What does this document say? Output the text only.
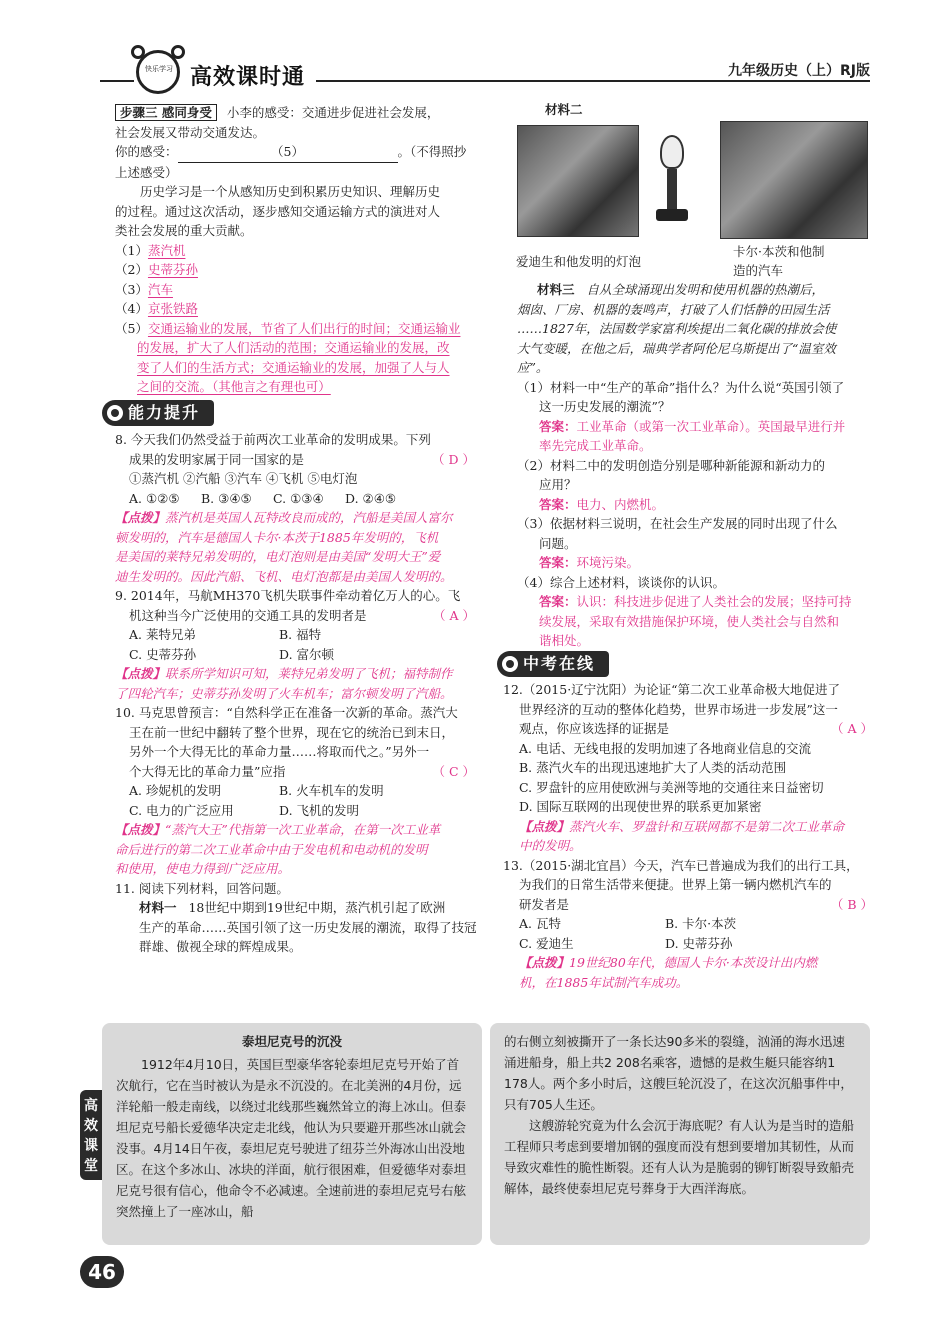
快乐学习 高效课时通	九年级历史（上）RJ版
步骤三 感同身受 小李的感受：交通进步促进社会发展，
社会发展又带动交通发达。
你的感受：	（5）	。（不得照抄
上述感受）
历史学习是一个从感知历史到积累历史知识、理解历史
的过程。通过这次活动，逐步感知交通运输方式的演进对人
类社会发展的重大贡献。
（1）蒸汽机
（2）史蒂芬孙
（3）汽车
（4）京张铁路
（5）交通运输业的发展，节省了人们出行的时间；交通运输业
的发展，扩大了人们活动的范围；交通运输业的发展，改
变了人们的生活方式；交通运输业的发展，加强了人与人
之间的交流。（其他言之有理也可）
能力提升
8. 今天我们仍然受益于前两次工业革命的发明成果。下列
成果的发明家属于同一国家的是	（ D ）
①蒸汽机 ②汽船 ③汽车 ④飞机 ⑤电灯泡
A. ①②⑤ B. ③④⑤ C. ①③④ D. ②④⑤
【点拨】蒸汽机是英国人瓦特改良而成的，汽船是美国人富尔
顿发明的，汽车是德国人卡尔·本茨于1885年发明的，飞机
是美国的莱特兄弟发明的，电灯泡则是由美国“发明大王”爱
迪生发明的。因此汽船、飞机、电灯泡都是由美国人发明的。
9. 2014年，马航MH370飞机失联事件牵动着亿万人的心。飞
机这种当今广泛使用的交通工具的发明者是	（ A ）
A. 莱特兄弟	B. 福特
C. 史蒂芬孙	D. 富尔顿
【点拨】联系所学知识可知，莱特兄弟发明了飞机；福特制作
了四轮汽车；史蒂芬孙发明了火车机车；富尔顿发明了汽船。
10. 马克思曾预言：“自然科学正在准备一次新的革命。蒸汽大
王在前一世纪中翻转了整个世界，现在它的统治已到末日，
另外一个大得无比的革命力量……将取而代之。”另外一
个大得无比的革命力量”应指	（ C ）
A. 珍妮机的发明	B. 火车机车的发明
C. 电力的广泛应用	D. 飞机的发明
【点拨】“蒸汽大王”代指第一次工业革命，在第一次工业革
命后进行的第二次工业革命中由于发电机和电动机的发明
和使用，使电力得到广泛应用。
11. 阅读下列材料，回答问题。
材料一 18世纪中期到19世纪中期，蒸汽机引起了欧洲
生产的革命……英国引领了这一历史发展的潮流，取得了技冠
群雄、傲视全球的辉煌成果。
材料二
爱迪生和他发明的灯泡
卡尔·本茨和他制
造的汽车
材料三 自从全球涌现出发明和使用机器的热潮后，
烟囱、厂房、机器的轰鸣声，打破了人们恬静的田园生活
……1827年，法国数学家富利埃提出二氧化碳的排放会使
大气变暖，在他之后，瑞典学者阿伦尼乌斯提出了“温室效
应”。
（1）材料一中“生产的革命”指什么？为什么说“英国引领了
这一历史发展的潮流”？
答案：工业革命（或第一次工业革命）。英国最早进行并
率先完成工业革命。
（2）材料二中的发明创造分别是哪种新能源和新动力的
应用？
答案：电力、内燃机。
（3）依据材料三说明，在社会生产发展的同时出现了什么
问题。
答案：环境污染。
（4）综合上述材料，谈谈你的认识。
答案：认识：科技进步促进了人类社会的发展；坚持可持
续发展，采取有效措施保护环境，使人类社会与自然和
谐相处。
中考在线
12.（2015·辽宁沈阳）为论证“第二次工业革命极大地促进了
世界经济的互动的整体化趋势，世界市场进一步发展”这一
观点，你应该选择的证据是	（ A ）
A. 电话、无线电报的发明加速了各地商业信息的交流
B. 蒸汽火车的出现迅速地扩大了人类的活动范围
C. 罗盘针的应用使欧洲与美洲等地的交通往来日益密切
D. 国际互联网的出现使世界的联系更加紧密
【点拨】蒸汽火车、罗盘针和互联网都不是第二次工业革命
中的发明。
13.（2015·湖北宜昌）今天，汽车已普遍成为我们的出行工具，
为我们的日常生活带来便捷。世界上第一辆内燃机汽车的
研发者是	（ B ）
A. 瓦特	B. 卡尔·本茨
C. 爱迪生	D. 史蒂芬孙
【点拨】19世纪80年代，德国人卡尔·本茨设计出内燃
机，在1885年试制汽车成功。
高效课堂
泰坦尼克号的沉没

1912年4月10日，英国巨型豪华客轮泰坦尼克号开始了首次航行，它在当时被认为是永不沉没的。在北美洲的4月份，远洋轮船一般走南线，以绕过北线那些巍然耸立的海上冰山。但泰坦尼克号船长爱德华决定走北线，他认为只要避开那些冰山就会没事。4月14日午夜，泰坦尼克号驶进了纽芬兰外海冰山出没地区。在这个多冰山、冰块的洋面，航行很困难，但爱德华对泰坦尼克号很有信心，他命令不必减速。全速前进的泰坦尼克号右舷突然撞上了一座冰山，船

的右侧立刻被撕开了一条长达90多米的裂缝，汹涌的海水迅速涌进船身，船上共2 208名乘客，遗憾的是救生艇只能容纳1 178人。两个多小时后，这艘巨轮沉没了，在这次沉船事件中，只有705人生还。

这艘游轮究竟为什么会沉于海底呢？有人认为是当时的造船工程师只考虑到要增加钢的强度而没有想到要增加其韧性，从而导致灾难性的脆性断裂。还有人认为是脆弱的铆钉断裂导致船壳解体，最终使泰坦尼克号葬身于大西洋海底。

46
